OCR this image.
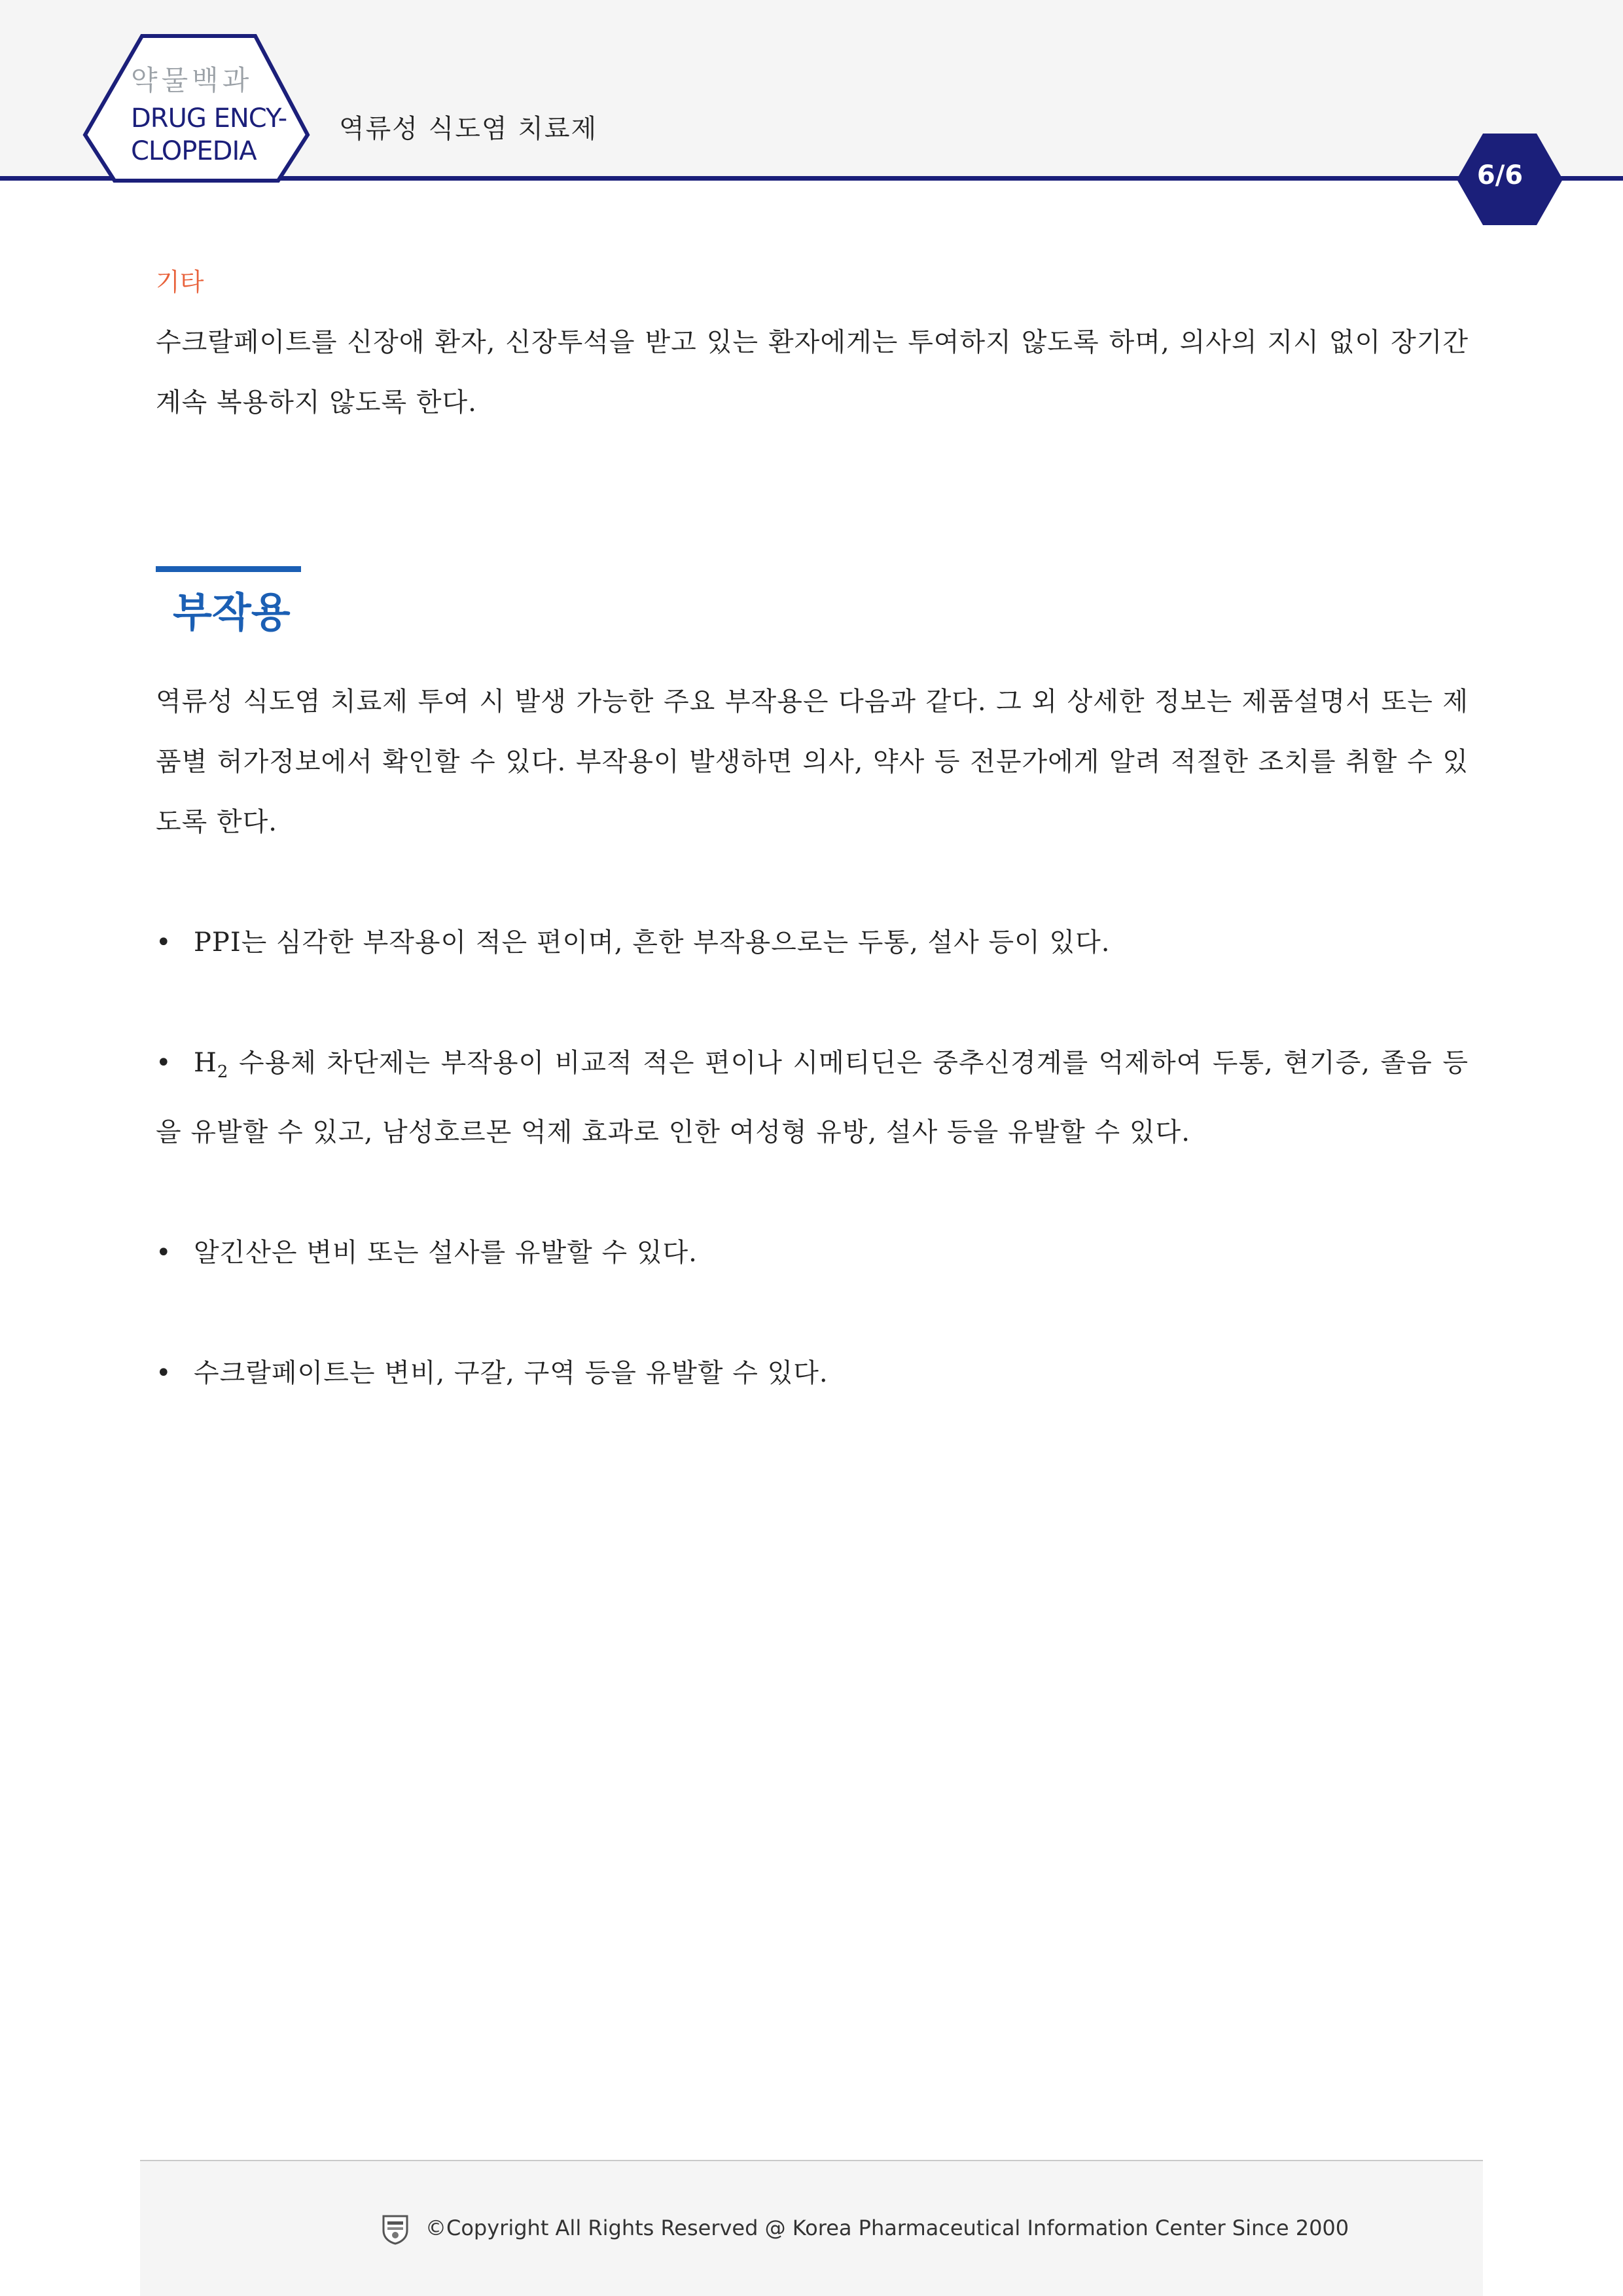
약물백과
DRUG ENCY-
CLOPEDIA
역류성 식도염 치료제
6/6
기타

수크랄페이트를 신장애 환자, 신장투석을 받고 있는 환자에게는 투여하지 않도록 하며, 의사의 지시 없이 장기간 계속 복용하지 않도록 한다.

부작용

역류성 식도염 치료제 투여 시 발생 가능한 주요 부작용은 다음과 같다. 그 외 상세한 정보는 제품설명서 또는 제품별 허가정보에서 확인할 수 있다. 부작용이 발생하면 의사, 약사 등 전문가에게 알려 적절한 조치를 취할 수 있도록 한다.

• PPI는 심각한 부작용이 적은 편이며, 흔한 부작용으로는 두통, 설사 등이 있다.

• $H_2$ 수용체 차단제는 부작용이 비교적 적은 편이나 시메티딘은 중추신경계를 억제하여 두통, 현기증, 졸음 등을 유발할 수 있고, 남성호르몬 억제 효과로 인한 여성형 유방, 설사 등을 유발할 수 있다.

• 알긴산은 변비 또는 설사를 유발할 수 있다.

• 수크랄페이트는 변비, 구갈, 구역 등을 유발할 수 있다.

©Copyright All Rights Reserved @ Korea Pharmaceutical Information Center Since 2000
